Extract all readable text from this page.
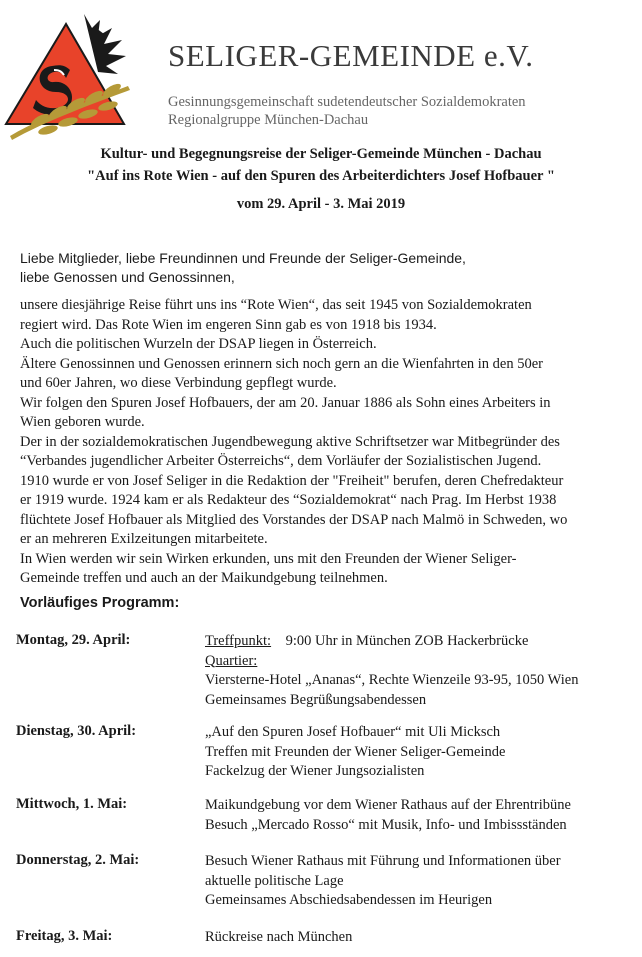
SELIGER-GEMEINDE e.V.
Gesinnungsgemeinschaft sudetendeutscher Sozialdemokraten
Regionalgruppe München-Dachau
Kultur- und Begegnungsreise der Seliger-Gemeinde München - Dachau
"Auf ins Rote Wien - auf den Spuren des Arbeiterdichters Josef Hofbauer "
vom 29. April - 3. Mai 2019
Liebe Mitglieder, liebe Freundinnen und Freunde der Seliger-Gemeinde,
liebe Genossen und Genossinnen,
unsere diesjährige Reise führt uns ins “Rote Wien“, das seit 1945 von Sozialdemokraten
regiert wird. Das Rote Wien im engeren Sinn gab es von 1918 bis 1934.
Auch die politischen Wurzeln der DSAP liegen in Österreich.
Ältere Genossinnen und Genossen erinnern sich noch gern an die Wienfahrten in den 50er
und 60er Jahren, wo diese Verbindung gepflegt wurde.
Wir folgen den Spuren Josef Hofbauers, der am 20. Januar 1886 als Sohn eines Arbeiters in
Wien geboren wurde.
Der in der sozialdemokratischen Jugendbewegung aktive Schriftsetzer war Mitbegründer des
“Verbandes jugendlicher Arbeiter Österreichs“, dem Vorläufer der Sozialistischen Jugend.
1910 wurde er von Josef Seliger in die Redaktion der "Freiheit" berufen, deren Chefredakteur
er 1919 wurde. 1924 kam er als Redakteur des “Sozialdemokrat“ nach Prag. Im Herbst 1938
flüchtete Josef Hofbauer als Mitglied des Vorstandes der DSAP nach Malmö in Schweden, wo
er an mehreren Exilzeitungen mitarbeitete.
In Wien werden wir sein Wirken erkunden, uns mit den Freunden der Wiener Seliger-
Gemeinde treffen und auch an der Maikundgebung teilnehmen.
Vorläufiges Programm:
Montag, 29. April:	Treffpunkt: 9:00 Uhr in München ZOB Hackerbrücke
Quartier:
Viersterne-Hotel „Ananas“, Rechte Wienzeile 93-95, 1050 Wien
Gemeinsames Begrüßungsabendessen
Dienstag, 30. April:	„Auf den Spuren Josef Hofbauer“ mit Uli Micksch
Treffen mit Freunden der Wiener Seliger-Gemeinde
Fackelzug der Wiener Jungsozialisten
Mittwoch, 1. Mai:	Maikundgebung vor dem Wiener Rathaus auf der Ehrentribüne
Besuch „Mercado Rosso“ mit Musik, Info- und Imbissständen
Donnerstag, 2. Mai:	Besuch Wiener Rathaus mit Führung und Informationen über
aktuelle politische Lage
Gemeinsames Abschiedsabendessen im Heurigen
Freitag, 3. Mai:	Rückreise nach München
